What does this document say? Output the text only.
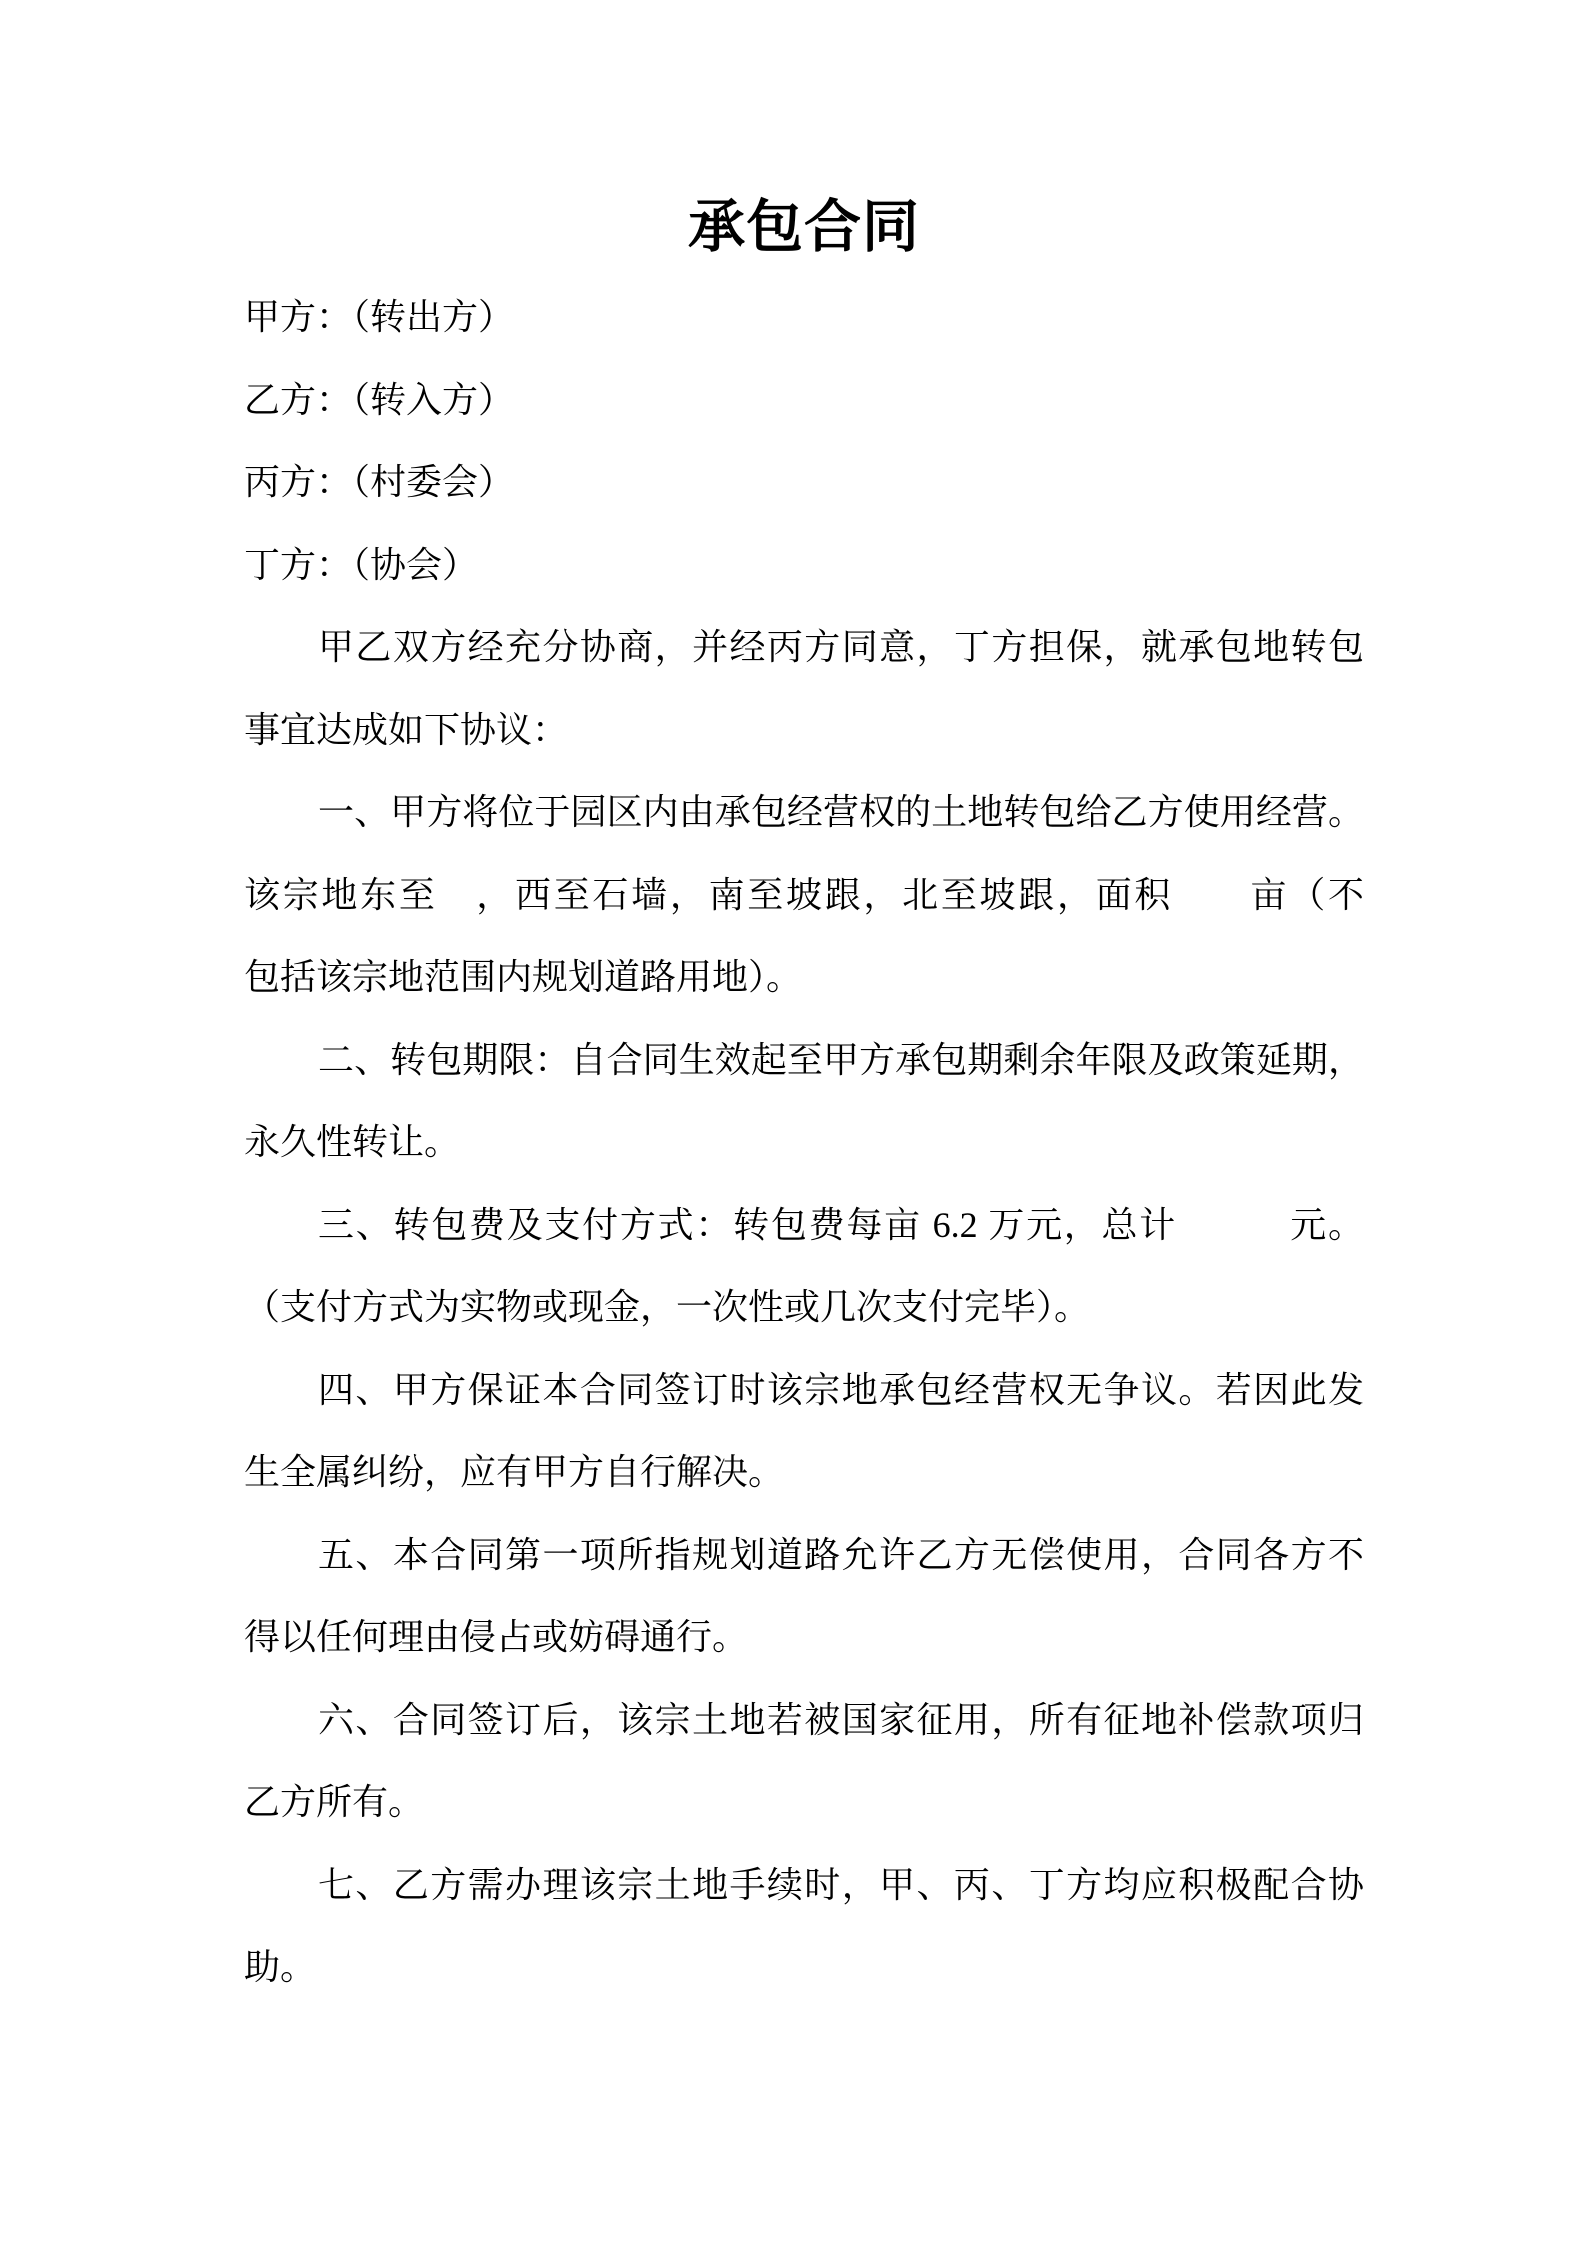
承包合同
甲方：（转出方）
乙方：（转入方）
丙方：（村委会）
丁方：（协会）
甲乙双方经充分协商，并经丙方同意，丁方担保，就承包地转包
事宜达成如下协议：
一、甲方将位于园区内由承包经营权的土地转包给乙方使用经营。
该宗地东至　，西至石墙，南至坡跟，北至坡跟，面积　　亩（不
包括该宗地范围内规划道路用地）。
二、转包期限：自合同生效起至甲方承包期剩余年限及政策延期，
永久性转让。
三、转包费及支付方式：转包费每亩 6.2 万元，总计　　　元。
（支付方式为实物或现金，一次性或几次支付完毕）。
四、甲方保证本合同签订时该宗地承包经营权无争议。若因此发
生全属纠纷，应有甲方自行解决。
五、本合同第一项所指规划道路允许乙方无偿使用，合同各方不
得以任何理由侵占或妨碍通行。
六、合同签订后，该宗土地若被国家征用，所有征地补偿款项归
乙方所有。
七、乙方需办理该宗土地手续时，甲、丙、丁方均应积极配合协
助。
